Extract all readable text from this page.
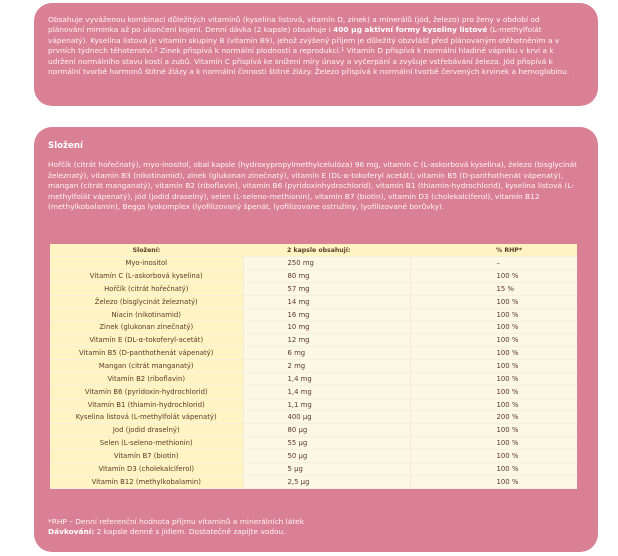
Obsahuje vyváženou kombinaci důležitých vitamínů (kyselina listová, vitamín D, zinek) a minerálů (jód, železo) pro ženy v období od plánování miminka až po ukončení kojení. Denní dávka (2 kapsle) obsahuje i 400 µg aktivní formy kyseliny listové (L-methylfolát vápenatý). Kyselina listová je vitamín skupiny B (vitamín B9), jehož zvýšený příjem je důležitý obzvlášť před plánovaným otěhotněním a v prvních týdnech těhotenství.$^2$ Zinek přispívá k normální plodnosti a reprodukci.$^1$ Vitamín D přispívá k normální hladině vápníku v krvi a k udržení normálního stavu kostí a zubů. Vitamín C přispívá ke snížení míry únavy a vyčerpání a zvyšuje vstřebávání železa. Jód přispívá k normální tvorbě hormonů štítné žlázy a k normální činnosti štítné žlázy. Železo přispívá k normální tvorbě červených krvinek a hemoglobinu.

Složení

Hořčík (citrát hořečnatý), myo-inositol, obal kapsle (hydroxypropylmethylcelulóza) 96 mg, vitamín C (L-askorbová kyselina), železo (bisglycinát železnatý), vitamín B3 (nikotinamid), zinek (glukonan zinečnatý), vitamín E (DL-α-tokoferyl acetát), vitamín B5 (D-panthothenát vápenatý), mangan (citrát manganatý), vitamín B2 (riboflavin), vitamín B6 (pyridoxinhydrochlorid), vitamín B1 (thiamin-hydrochlorid), kyselina listová (L-methylfolát vápenatý), jód (jodid draselný), selen (L-seleno-methionin), vitamín B7 (biotin), vitamín D3 (cholekalciferol), vitamín B12 (methylkobalamin), Beggs lyokomplex (lyofilizovaný špenát, lyofilizovane ostružiny, lyofilizované borůvky).

Složení:	2 kapsle obsahují:	% RHP*
Myo-inositol	250 mg	–
Vitamín C (L-askorbová kyselina)	80 mg	100 %
Hořčík (citrát hořečnatý)	57 mg	15 %
Železo (bisglycinát železnatý)	14 mg	100 %
Niacin (nikotinamid)	16 mg	100 %
Zinek (glukonan zinečnatý)	10 mg	100 %
Vitamín E (DL-α-tokoferyl-acetát)	12 mg	100 %
Vitamín B5 (D-panthothenát vápenatý)	6 mg	100 %
Mangan (citrát manganatý)	2 mg	100 %
Vitamín B2 (riboflavin)	1,4 mg	100 %
Vitamín B6 (pyridoxin-hydrochlorid)	1,4 mg	100 %
Vitamín B1 (thiamin-hydrochlorid)	1,1 mg	100 %
Kyselina listová (L-methylfolát vápenatý)	400 µg	200 %
Jod (jodid draselný)	80 µg	100 %
Selen (L-seleno-methionin)	55 µg	100 %
Vitamín B7 (biotin)	50 µg	100 %
Vitamín D3 (cholekalciferol)	5 µg	100 %
Vitamín B12 (methylkobalamin)	2,5 µg	100 %

*RHP – Denní referenční hodnota příjmu vitamínů a minerálních látek

Dávkování: 2 kapsle denně s jídlem. Dostatečně zapijte vodou.
